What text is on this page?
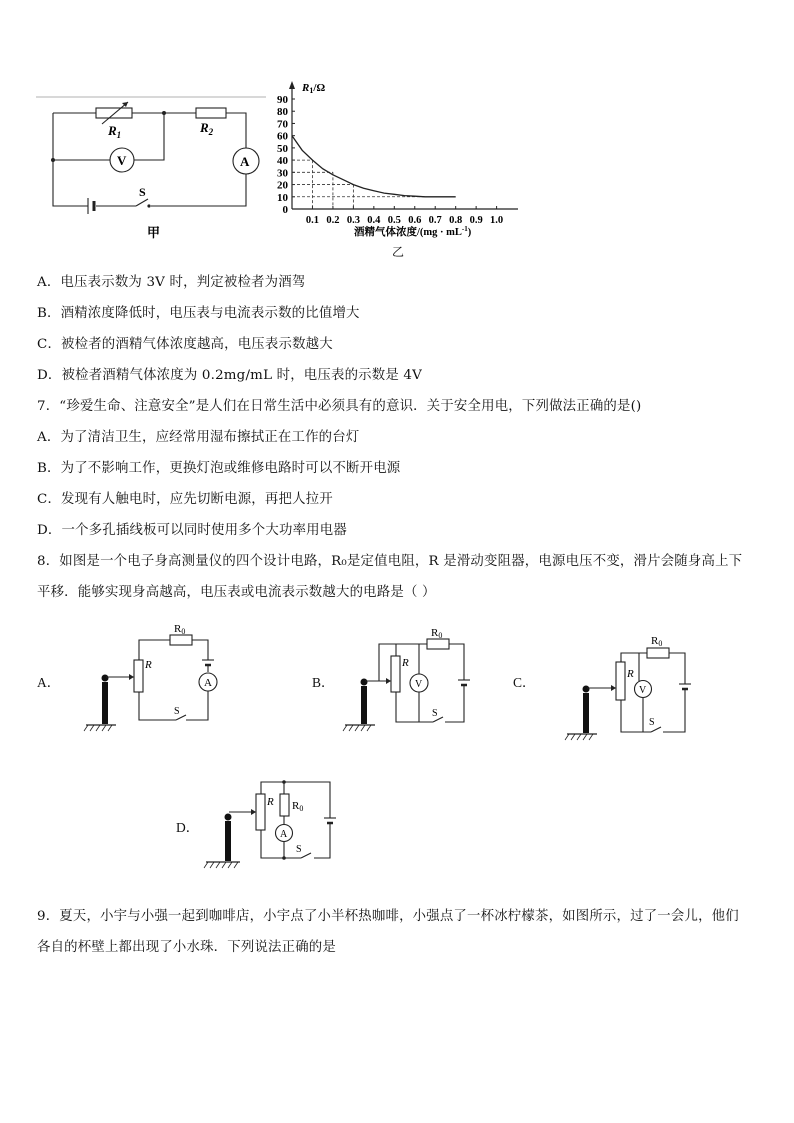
$R_1$	$R_2$
V	A
S
甲
R1/Ω
90
80
70
60
50
40
30
20
10
0
0.1 0.2 0.3 0.4 0.5 0.6 0.7 0.8 0.9 1.0
酒精气体浓度$/(mg \cdot mL^{-1})$
乙
A．电压表示数为 3V 时，判定被检者为酒驾
B．酒精浓度降低时，电压表与电流表示数的比值增大
C．被检者的酒精气体浓度越高，电压表示数越大
D．被检者酒精气体浓度为 0.2mg/mL 时，电压表的示数是 4V
7．“珍爱生命、注意安全”是人们在日常生活中必须具有的意识．关于安全用电，下列做法正确的是()
A．为了清洁卫生，应经常用湿布擦拭正在工作的台灯
B．为了不影响工作，更换灯泡或维修电路时可以不断开电源
C．发现有人触电时，应先切断电源，再把人拉开
D．一个多孔插线板可以同时使用多个大功率用电器
8．如图是一个电子身高测量仪的四个设计电路，R₀是定值电阻，R 是滑动变阻器，电源电压不变，滑片会随身高上下
平移．能够实现身高越高，电压表或电流表示数越大的电路是（ ）
A．	B．	C．
D．
R
R0
A
S
R
R0
V
S
R
R0
V
S
R R0
A
S
9．夏天，小宇与小强一起到咖啡店，小宇点了小半杯热咖啡，小强点了一杯冰柠檬茶，如图所示，过了一会儿，他们
各自的杯壁上都出现了小水珠．下列说法正确的是
